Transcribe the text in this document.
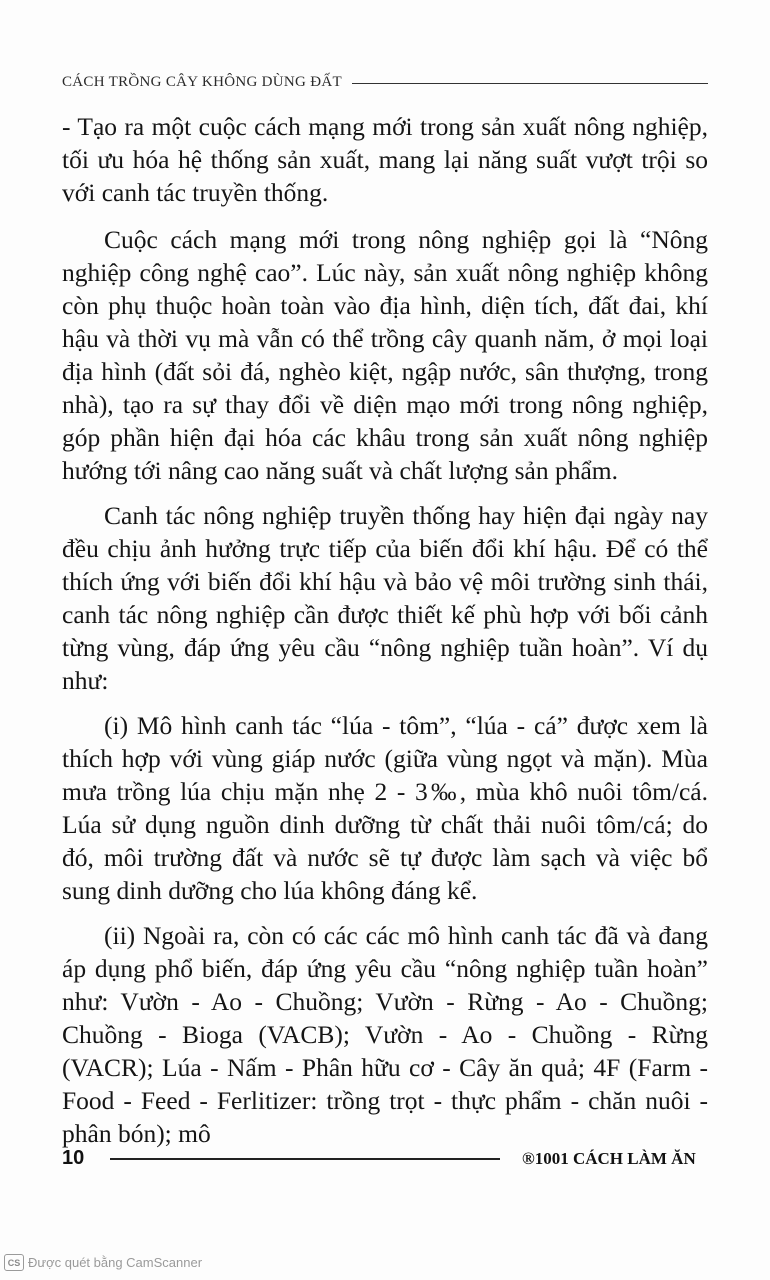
CÁCH TRỒNG CÂY KHÔNG DÙNG ĐẤT

- Tạo ra một cuộc cách mạng mới trong sản xuất nông nghiệp, tối ưu hóa hệ thống sản xuất, mang lại năng suất vượt trội so với canh tác truyền thống.

Cuộc cách mạng mới trong nông nghiệp gọi là “Nông nghiệp công nghệ cao”. Lúc này, sản xuất nông nghiệp không còn phụ thuộc hoàn toàn vào địa hình, diện tích, đất đai, khí hậu và thời vụ mà vẫn có thể trồng cây quanh năm, ở mọi loại địa hình (đất sỏi đá, nghèo kiệt, ngập nước, sân thượng, trong nhà), tạo ra sự thay đổi về diện mạo mới trong nông nghiệp, góp phần hiện đại hóa các khâu trong sản xuất nông nghiệp hướng tới nâng cao năng suất và chất lượng sản phẩm.

Canh tác nông nghiệp truyền thống hay hiện đại ngày nay đều chịu ảnh hưởng trực tiếp của biến đổi khí hậu. Để có thể thích ứng với biến đổi khí hậu và bảo vệ môi trường sinh thái, canh tác nông nghiệp cần được thiết kế phù hợp với bối cảnh từng vùng, đáp ứng yêu cầu “nông nghiệp tuần hoàn”. Ví dụ như:

(i) Mô hình canh tác “lúa - tôm”, “lúa - cá” được xem là thích hợp với vùng giáp nước (giữa vùng ngọt và mặn). Mùa mưa trồng lúa chịu mặn nhẹ 2 - 3‰, mùa khô nuôi tôm/cá. Lúa sử dụng nguồn dinh dưỡng từ chất thải nuôi tôm/cá; do đó, môi trường đất và nước sẽ tự được làm sạch và việc bổ sung dinh dưỡng cho lúa không đáng kể.

(ii) Ngoài ra, còn có các các mô hình canh tác đã và đang áp dụng phổ biến, đáp ứng yêu cầu “nông nghiệp tuần hoàn” như: Vườn - Ao - Chuồng; Vườn - Rừng - Ao - Chuồng; Chuồng - Bioga (VACB); Vườn - Ao - Chuồng - Rừng (VACR); Lúa - Nấm - Phân hữu cơ - Cây ăn quả; 4F (Farm - Food - Feed - Ferlitizer: trồng trọt - thực phẩm - chăn nuôi - phân bón); mô

10	®1001 CÁCH LÀM ĂN
CS Được quét bằng CamScanner
